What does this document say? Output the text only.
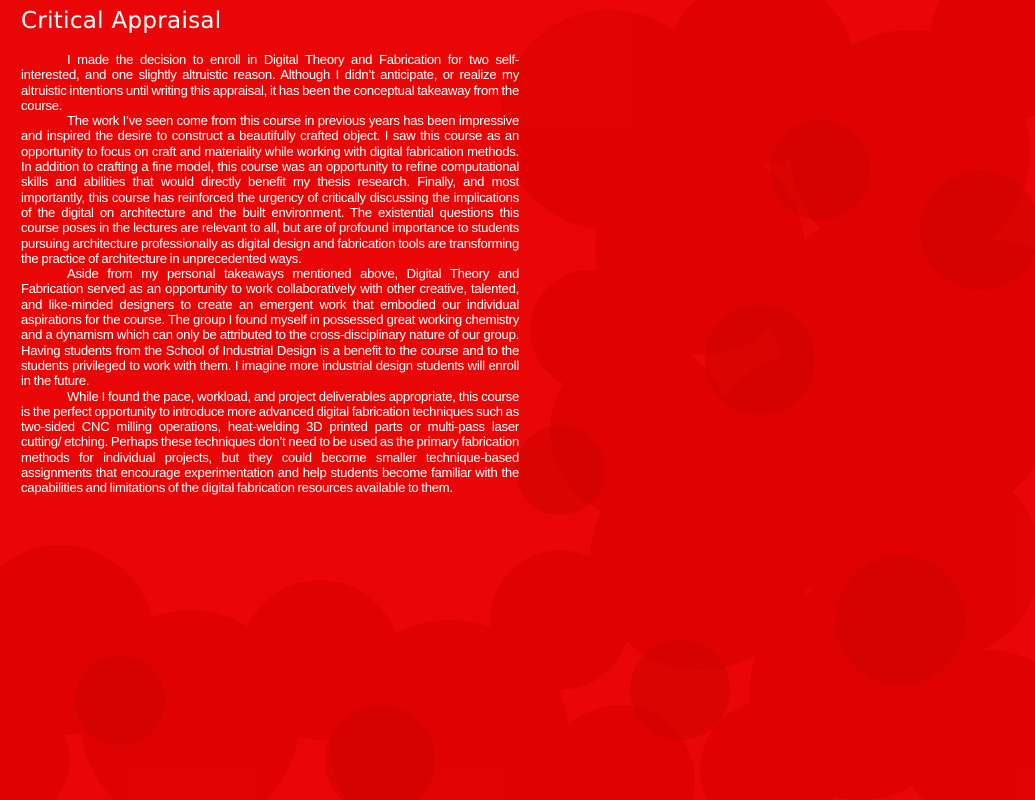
Critical Appraisal

I made the decision to enroll in Digital Theory and Fabrication for two self-interested, and one slightly altruistic reason. Although I didn’t anticipate, or realize my altruistic intentions until writing this appraisal, it has been the conceptual takeaway from the course.

The work I’ve seen come from this course in previous years has been impressive and inspired the desire to construct a beautifully crafted object. I saw this course as an opportunity to focus on craft and materiality while working with digital fabrication methods. In addition to crafting a fine model, this course was an opportunity to refine computational skills and abilities that would directly benefit my thesis research. Finally, and most importantly, this course has reinforced the urgency of critically discussing the implications of the digital on architecture and the built environment. The existential questions this course poses in the lectures are relevant to all, but are of profound importance to students pursuing architecture professionally as digital design and fabrication tools are transforming the practice of architecture in unprecedented ways.

Aside from my personal takeaways mentioned above, Digital Theory and Fabrication served as an opportunity to work collaboratively with other creative, talented, and like-minded designers to create an emergent work that embodied our individual aspirations for the course. The group I found myself in possessed great working chemistry and a dynamism which can only be attributed to the cross-disciplinary nature of our group. Having students from the School of Industrial Design is a benefit to the course and to the students privileged to work with them. I imagine more industrial design students will enroll in the future.

While I found the pace, workload, and project deliverables appropriate, this course is the perfect opportunity to introduce more advanced digital fabrication techniques such as two-sided CNC milling operations, heat-welding 3D printed parts or multi-pass laser cutting/ etching. Perhaps these techniques don’t need to be used as the primary fabrication methods for individual projects, but they could become smaller technique-based assignments that encourage experimentation and help students become familiar with the capabilities and limitations of the digital fabrication resources available to them.
